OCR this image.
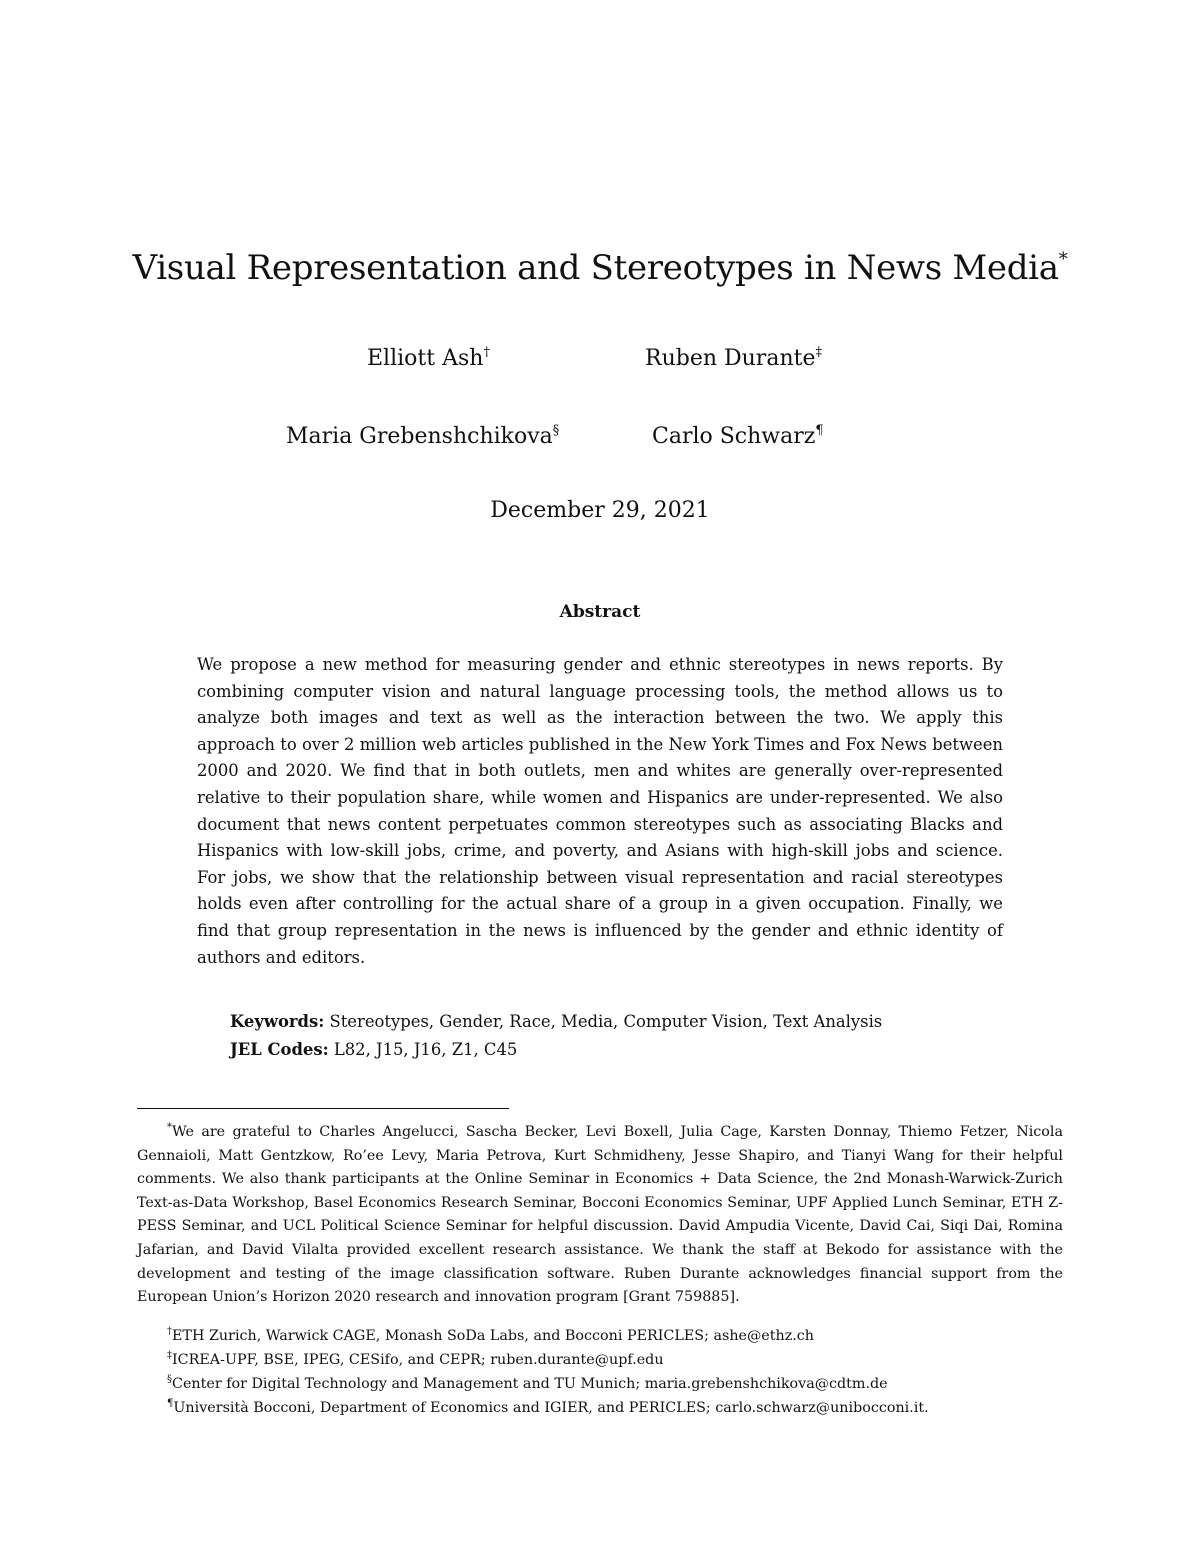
Visual Representation and Stereotypes in News Media*
Elliott Ash†	Ruben Durante‡
Maria Grebenshchikova§	Carlo Schwarz¶
December 29, 2021
Abstract

We propose a new method for measuring gender and ethnic stereotypes in news reports. By combining computer vision and natural language processing tools, the method allows us to analyze both images and text as well as the interaction between the two. We apply this approach to over 2 million web articles published in the New York Times and Fox News between 2000 and 2020. We find that in both outlets, men and whites are generally over-represented relative to their population share, while women and Hispanics are under-represented. We also document that news content perpetuates common stereotypes such as associating Blacks and Hispanics with low-skill jobs, crime, and poverty, and Asians with high-skill jobs and science. For jobs, we show that the relationship between visual representation and racial stereotypes holds even after controlling for the actual share of a group in a given occupation. Finally, we find that group representation in the news is influenced by the gender and ethnic identity of authors and editors.

Keywords: Stereotypes, Gender, Race, Media, Computer Vision, Text Analysis
JEL Codes: L82, J15, J16, Z1, C45

*We are grateful to Charles Angelucci, Sascha Becker, Levi Boxell, Julia Cage, Karsten Donnay, Thiemo Fetzer, Nicola Gennaioli, Matt Gentzkow, Ro’ee Levy, Maria Petrova, Kurt Schmidheny, Jesse Shapiro, and Tianyi Wang for their helpful comments. We also thank participants at the Online Seminar in Economics + Data Science, the 2nd Monash-Warwick-Zurich Text-as-Data Workshop, Basel Economics Research Seminar, Bocconi Economics Seminar, UPF Applied Lunch Seminar, ETH Z-PESS Seminar, and UCL Political Science Seminar for helpful discussion. David Ampudia Vicente, David Cai, Siqi Dai, Romina Jafarian, and David Vilalta provided excellent research assistance. We thank the staff at Bekodo for assistance with the development and testing of the image classification software. Ruben Durante acknowledges financial support from the European Union’s Horizon 2020 research and innovation program [Grant 759885].

†ETH Zurich, Warwick CAGE, Monash SoDa Labs, and Bocconi PERICLES; ashe@ethz.ch
‡ICREA-UPF, BSE, IPEG, CESifo, and CEPR; ruben.durante@upf.edu
§Center for Digital Technology and Management and TU Munich; maria.grebenshchikova@cdtm.de
¶Università Bocconi, Department of Economics and IGIER, and PERICLES; carlo.schwarz@unibocconi.it.
